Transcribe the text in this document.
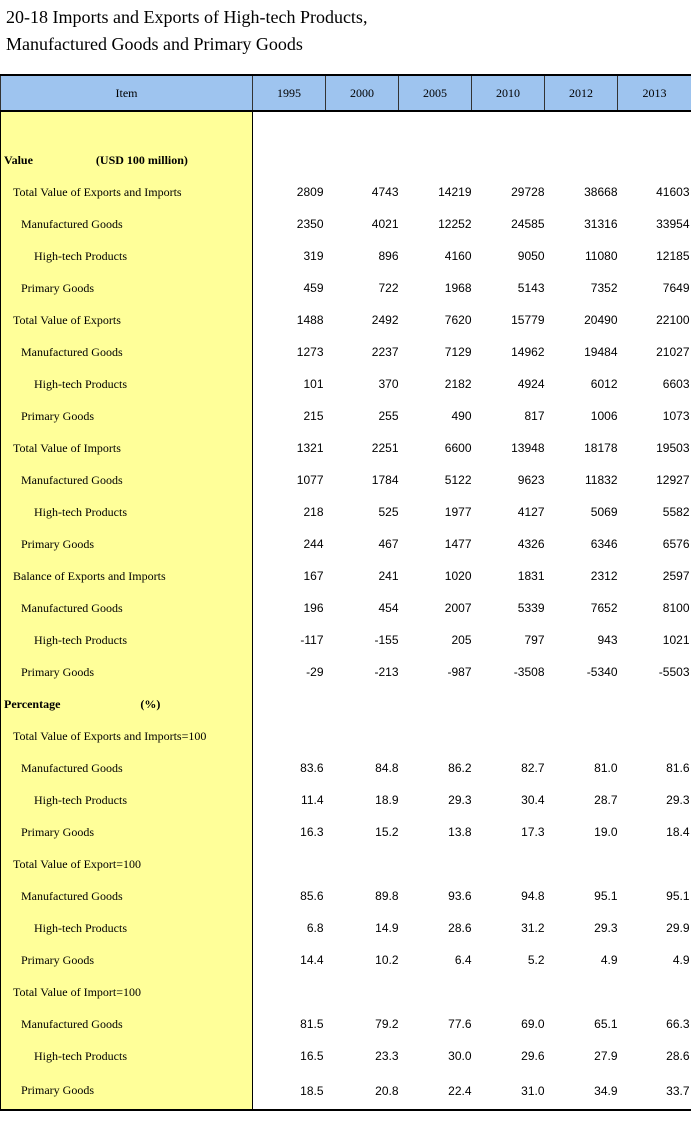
20-18 Imports and Exports of High-tech Products,
Manufactured Goods and Primary Goods
Item	1995	2000	2005	2010	2012	2013

Value (USD 100 million)						
Total Value of Exports and Imports	2809	4743	14219	29728	38668	41603
Manufactured Goods	2350	4021	12252	24585	31316	33954
High-tech Products	319	896	4160	9050	11080	12185
Primary Goods	459	722	1968	5143	7352	7649
Total Value of Exports	1488	2492	7620	15779	20490	22100
Manufactured Goods	1273	2237	7129	14962	19484	21027
High-tech Products	101	370	2182	4924	6012	6603
Primary Goods	215	255	490	817	1006	1073
Total Value of Imports	1321	2251	6600	13948	18178	19503
Manufactured Goods	1077	1784	5122	9623	11832	12927
High-tech Products	218	525	1977	4127	5069	5582
Primary Goods	244	467	1477	4326	6346	6576
Balance of Exports and Imports	167	241	1020	1831	2312	2597
Manufactured Goods	196	454	2007	5339	7652	8100
High-tech Products	-117	-155	205	797	943	1021
Primary Goods	-29	-213	-987	-3508	-5340	-5503
Percentage (%)						
Total Value of Exports and Imports=100						
Manufactured Goods	83.6	84.8	86.2	82.7	81.0	81.6
High-tech Products	11.4	18.9	29.3	30.4	28.7	29.3
Primary Goods	16.3	15.2	13.8	17.3	19.0	18.4
Total Value of Export=100						
Manufactured Goods	85.6	89.8	93.6	94.8	95.1	95.1
High-tech Products	6.8	14.9	28.6	31.2	29.3	29.9
Primary Goods	14.4	10.2	6.4	5.2	4.9	4.9
Total Value of Import=100						
Manufactured Goods	81.5	79.2	77.6	69.0	65.1	66.3
High-tech Products	16.5	23.3	30.0	29.6	27.9	28.6
Primary Goods	18.5	20.8	22.4	31.0	34.9	33.7
